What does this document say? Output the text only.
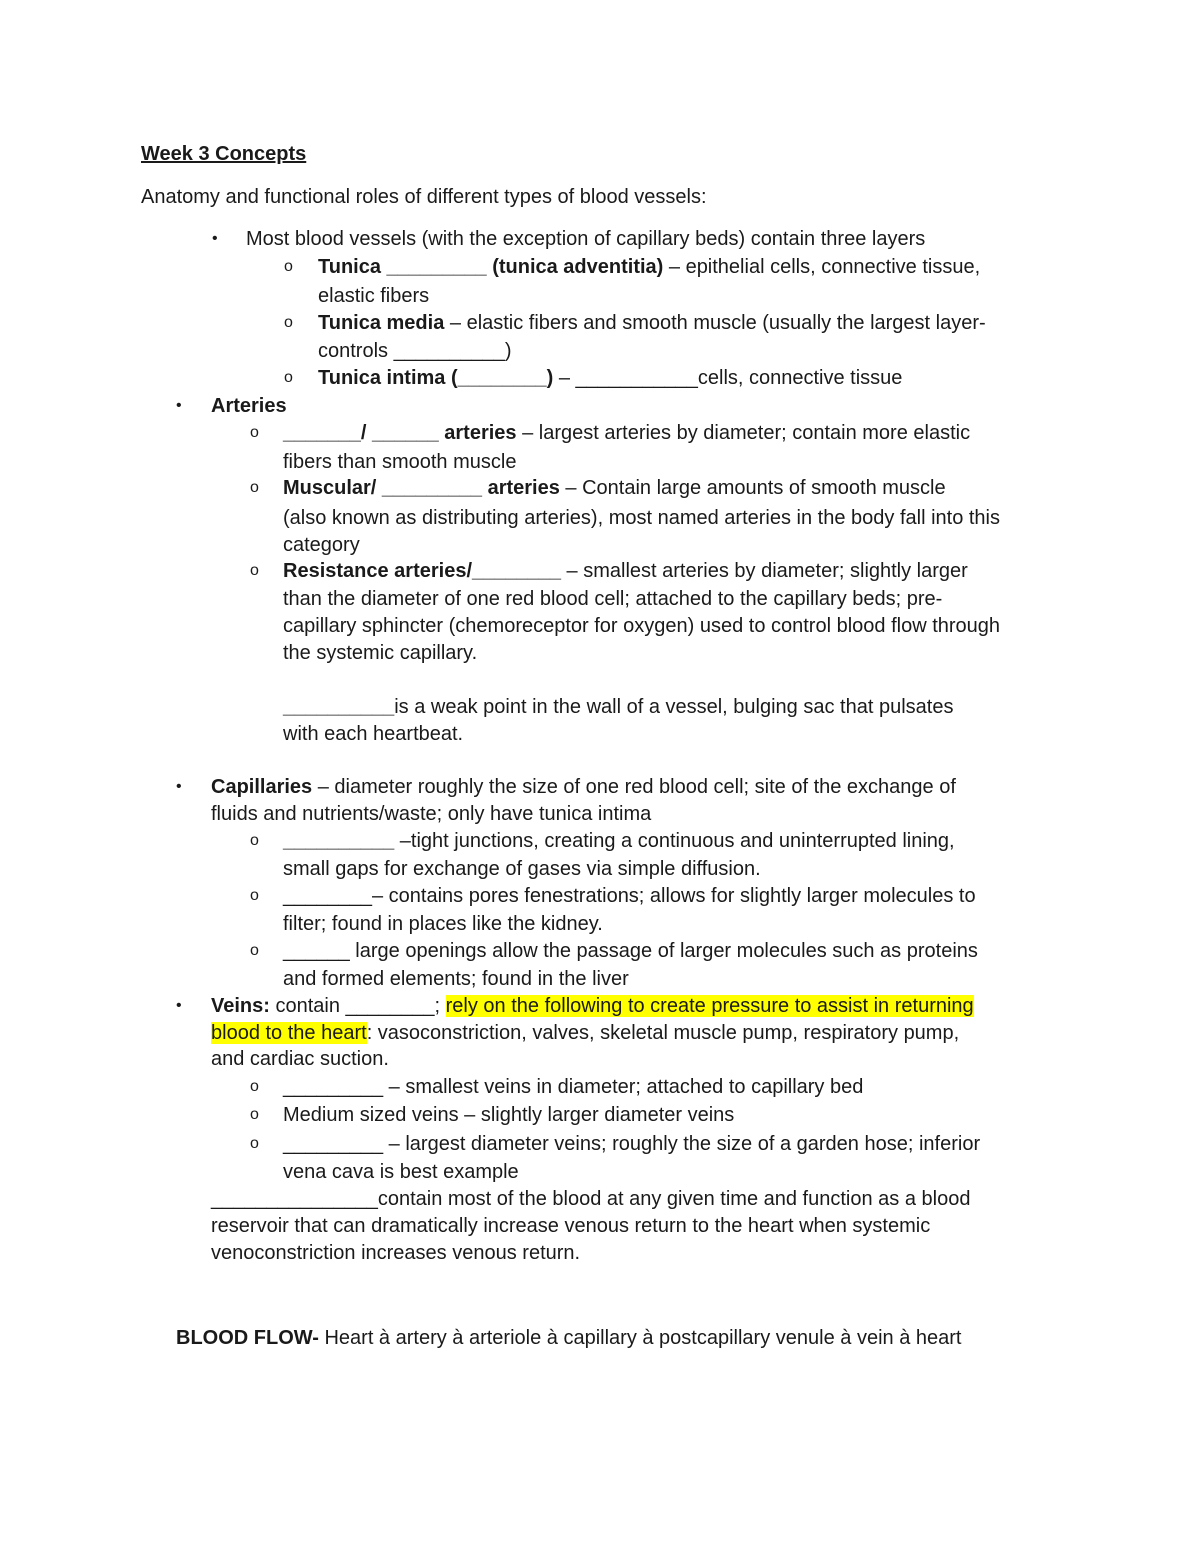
Week 3 Concepts
Anatomy and functional roles of different types of blood vessels:
• Most blood vessels (with the exception of capillary beds) contain three layers
o Tunica _________ (tunica adventitia) – epithelial cells, connective tissue,
elastic fibers
o Tunica media – elastic fibers and smooth muscle (usually the largest layer-
controls __________)
o Tunica intima (________) – ___________cells, connective tissue
• Arteries
o _______/ ______ arteries – largest arteries by diameter; contain more elastic
fibers than smooth muscle
o Muscular/ _________ arteries – Contain large amounts of smooth muscle
(also known as distributing arteries), most named arteries in the body fall into this
category
o Resistance arteries/________ – smallest arteries by diameter; slightly larger
than the diameter of one red blood cell; attached to the capillary beds; pre-
capillary sphincter (chemoreceptor for oxygen) used to control blood flow through
the systemic capillary.
__________is a weak point in the wall of a vessel, bulging sac that pulsates
with each heartbeat.
• Capillaries – diameter roughly the size of one red blood cell; site of the exchange of
fluids and nutrients/waste; only have tunica intima
o __________ –tight junctions, creating a continuous and uninterrupted lining,
small gaps for exchange of gases via simple diffusion.
o ________– contains pores fenestrations; allows for slightly larger molecules to
filter; found in places like the kidney.
o ______ large openings allow the passage of larger molecules such as proteins
and formed elements; found in the liver
• Veins: contain ________; rely on the following to create pressure to assist in returning
blood to the heart: vasoconstriction, valves, skeletal muscle pump, respiratory pump,
and cardiac suction.
o _________ – smallest veins in diameter; attached to capillary bed
o Medium sized veins – slightly larger diameter veins
o _________ – largest diameter veins; roughly the size of a garden hose; inferior
vena cava is best example
_______________contain most of the blood at any given time and function as a blood
reservoir that can dramatically increase venous return to the heart when systemic
venoconstriction increases venous return.
BLOOD FLOW- Heart à artery à arteriole à capillary à postcapillary venule à vein à heart
